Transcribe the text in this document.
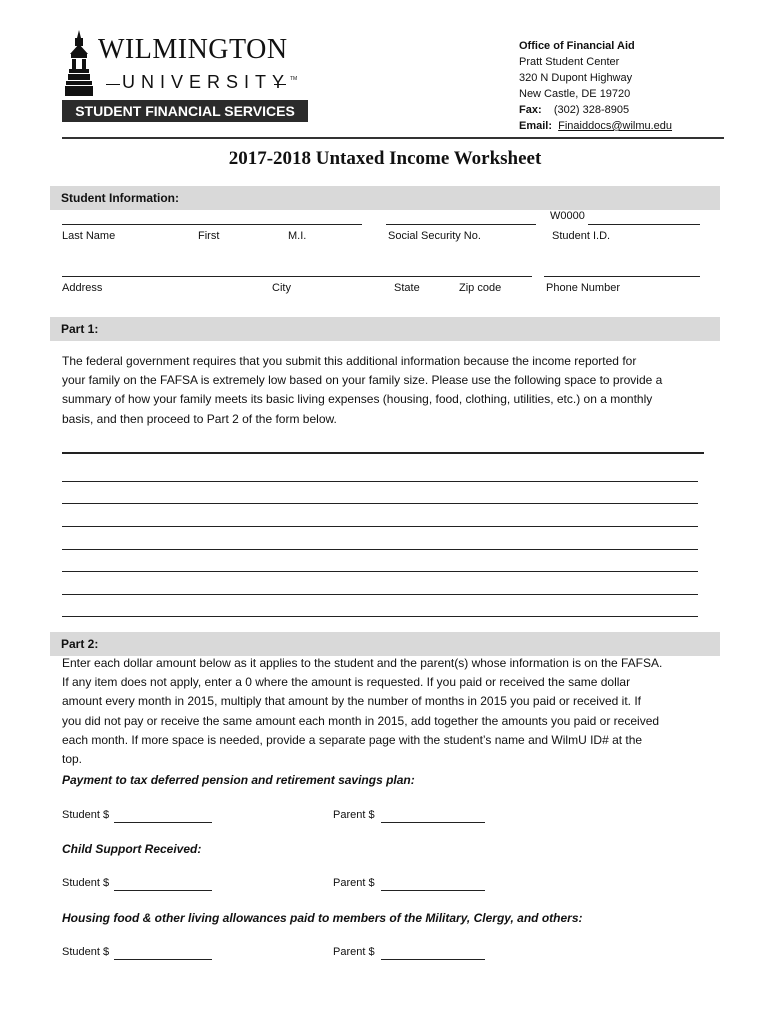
WILMINGTON
UNIVERSITY TM
STUDENT FINANCIAL SERVICES
Office of Financial Aid
Pratt Student Center
320 N Dupont Highway
New Castle, DE 19720
Fax: (302) 328-8905
Email: Finaiddocs@wilmu.edu
2017-2018 Untaxed Income Worksheet
Student Information:
W0000
Last Name	First	M.I.	Social Security No.	Student I.D.
Address	City	State	Zip code	Phone Number
Part 1:
The federal government requires that you submit this additional information because the income reported for
your family on the FAFSA is extremely low based on your family size. Please use the following space to provide a
summary of how your family meets its basic living expenses (housing, food, clothing, utilities, etc.) on a monthly
basis, and then proceed to Part 2 of the form below.
Part 2:
Enter each dollar amount below as it applies to the student and the parent(s) whose information is on the FAFSA.
If any item does not apply, enter a 0 where the amount is requested. If you paid or received the same dollar
amount every month in 2015, multiply that amount by the number of months in 2015 you paid or received it. If
you did not pay or receive the same amount each month in 2015, add together the amounts you paid or received
each month. If more space is needed, provide a separate page with the student’s name and WilmU ID# at the
top.
Payment to tax deferred pension and retirement savings plan:
Student $	Parent $
Child Support Received:
Student $	Parent $
Housing food & other living allowances paid to members of the Military, Clergy, and others:
Student $	Parent $
